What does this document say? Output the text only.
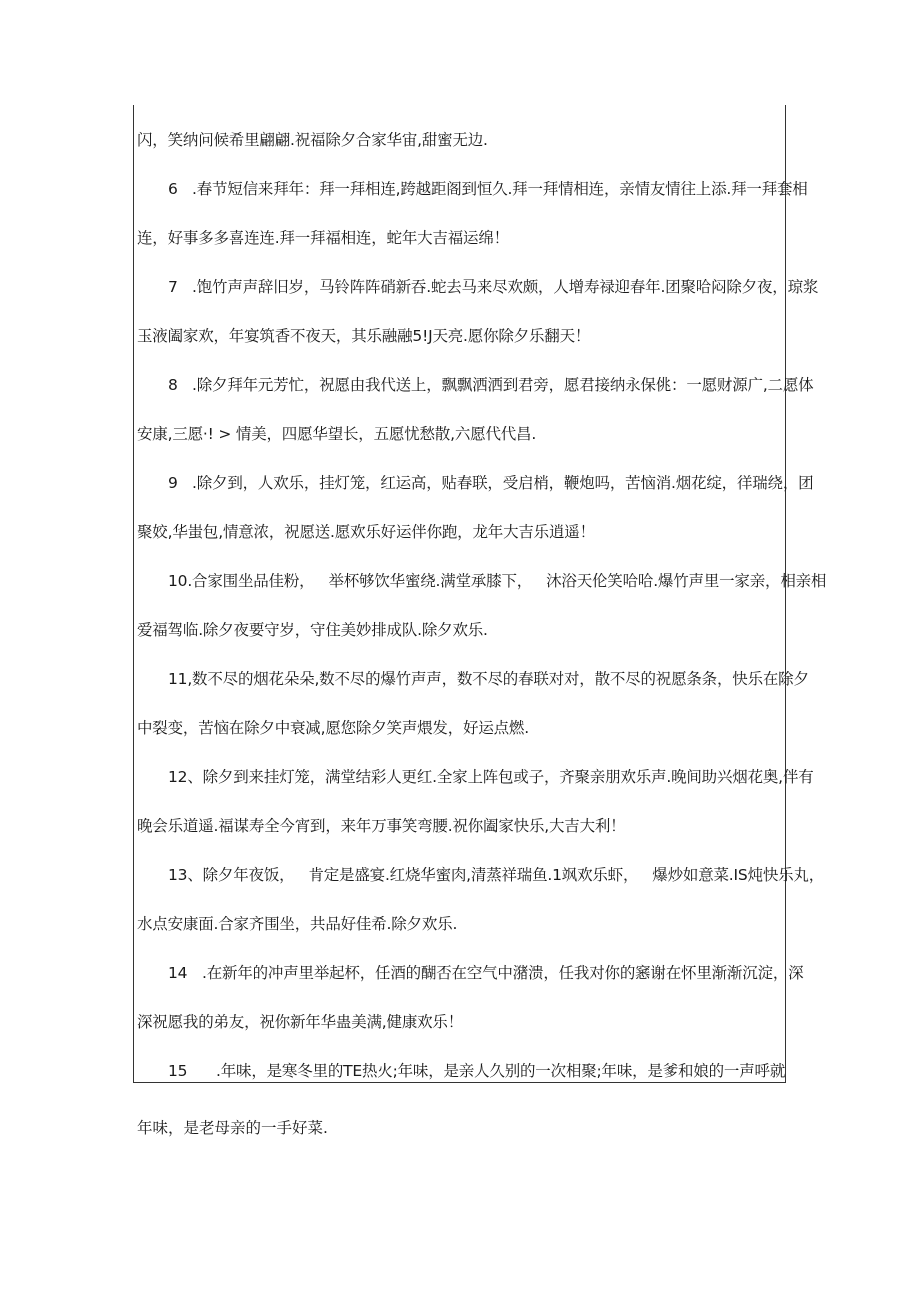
闪，笑纳问候希里翩翩.祝福除夕合家华宙,甜蜜无边.
6 .春节短信来拜年：拜一拜相连,跨越距阁到恒久.拜一拜情相连，亲情友情往上添.拜一拜套相
连，好事多多喜连连.拜一拜福相连，蛇年大吉福运绵！
7 .饱竹声声辞旧岁，马铃阵阵硝新吞.蛇去马来尽欢颇，人增寿禄迎春年.团聚哈闷除夕夜，琼浆
玉液阖家欢，年宴筑香不夜天，其乐融融5!J天亮.愿你除夕乐翻天！
8 .除夕拜年元芳忙，祝愿由我代送上，飘飘洒洒到君旁，愿君接纳永保佻：一愿财源广,二愿体
安康,三愿·! > 情美，四愿华望长，五愿忧愁散,六愿代代昌.
9 .除夕到，人欢乐，挂灯笼，红运高，贴春联，受启梢，鞭炮吗，苦恼消.烟花绽，徉瑞绕，团
聚姣,华蚩包,情意浓，祝愿送.愿欢乐好运伴你跑，龙年大吉乐逍遥！
10.合家围坐品佳粉， 举杯够饮华蜜绕.满堂承膝下， 沐浴天伦笑哈哈.爆竹声里一家亲，相亲相
爱福驾临.除夕夜要守岁，守住美妙排成队.除夕欢乐.
11,数不尽的烟花朵朵,数不尽的爆竹声声，数不尽的春联对对，散不尽的祝愿条条，快乐在除夕
中裂变，苦恼在除夕中衰减,愿您除夕笑声煨发，好运点燃.
12、除夕到来挂灯笼，满堂结彩人更红.全家上阵包或子，齐聚亲朋欢乐声.晚间助兴烟花奥,伴有
晚会乐道遥.福谋寿全今宵到，来年万事笑弯腰.祝你阖家快乐,大吉大利！
13、除夕年夜饭， 肯定是盛宴.红烧华蜜肉,清蒸祥瑞鱼.1飒欢乐虾， 爆炒如意菜.IS炖快乐丸，
水点安康面.合家齐围坐，共品好佳希.除夕欢乐.
14 .在新年的冲声里举起杯，任酒的醐否在空气中潴溃，任我对你的窸谢在怀里渐渐沉淀，深
深祝愿我的弟友，祝你新年华蛊美满,健康欢乐！
15 .年味，是寒冬里的TE热火;年味，是亲人久别的一次相聚;年味，是爹和娘的一声呼就
年味，是老母亲的一手好菜.
